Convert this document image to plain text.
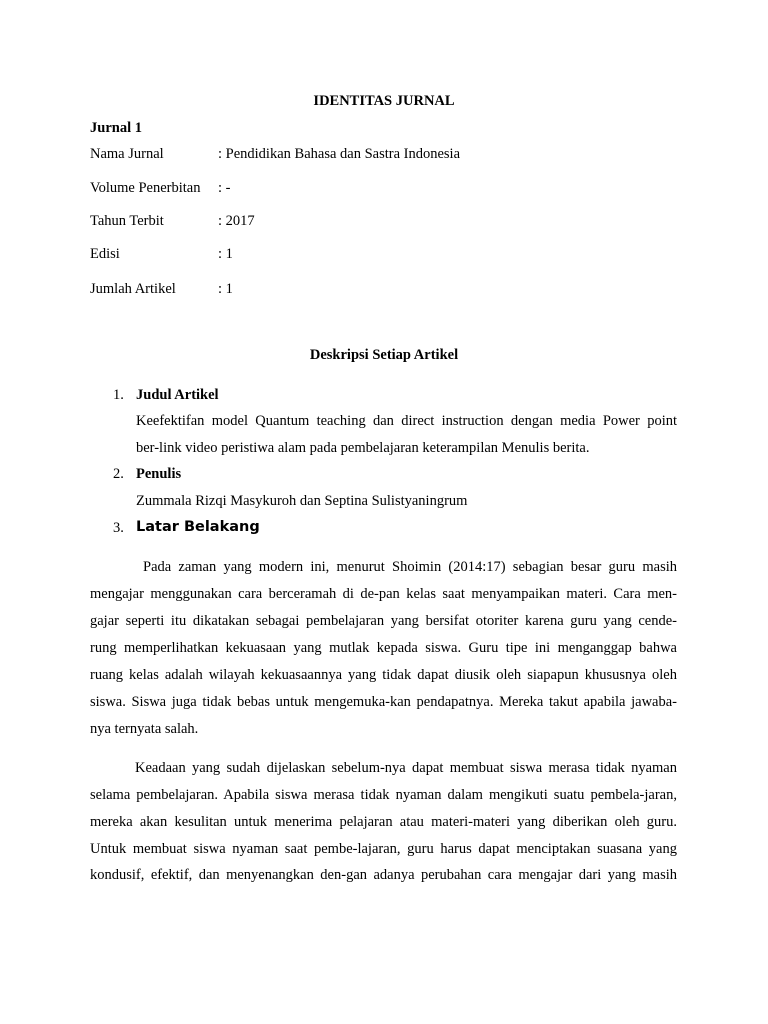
IDENTITAS JURNAL
Jurnal 1
Nama Jurnal	: Pendidikan Bahasa dan Sastra Indonesia
Volume Penerbitan : -
Tahun Terbit	: 2017
Edisi	: 1
Jumlah Artikel	: 1
Deskripsi Setiap Artikel
1. Judul Artikel
Keefektifan model Quantum teaching dan direct instruction dengan media Power point
ber-link video peristiwa alam pada pembelajaran keterampilan Menulis berita.
2. Penulis
Zummala Rizqi Masykuroh dan Septina Sulistyaningrum
3. Latar Belakang
Pada zaman yang modern ini, menurut Shoimin (2014:17) sebagian besar guru masih
mengajar menggunakan cara berceramah di de-pan kelas saat menyampaikan materi. Cara men-
gajar seperti itu dikatakan sebagai pembelajaran yang bersifat otoriter karena guru yang cende-
rung memperlihatkan kekuasaan yang mutlak kepada siswa. Guru tipe ini menganggap bahwa
ruang kelas adalah wilayah kekuasaannya yang tidak dapat diusik oleh siapapun khususnya oleh
siswa. Siswa juga tidak bebas untuk mengemuka-kan pendapatnya. Mereka takut apabila jawaba-
nya ternyata salah.
Keadaan yang sudah dijelaskan sebelum-nya dapat membuat siswa merasa tidak nyaman
selama pembelajaran. Apabila siswa merasa tidak nyaman dalam mengikuti suatu pembela-jaran,
mereka akan kesulitan untuk menerima pelajaran atau materi-materi yang diberikan oleh guru.
Untuk membuat siswa nyaman saat pembe-lajaran, guru harus dapat menciptakan suasana yang
kondusif, efektif, dan menyenangkan den-gan adanya perubahan cara mengajar dari yang masih
